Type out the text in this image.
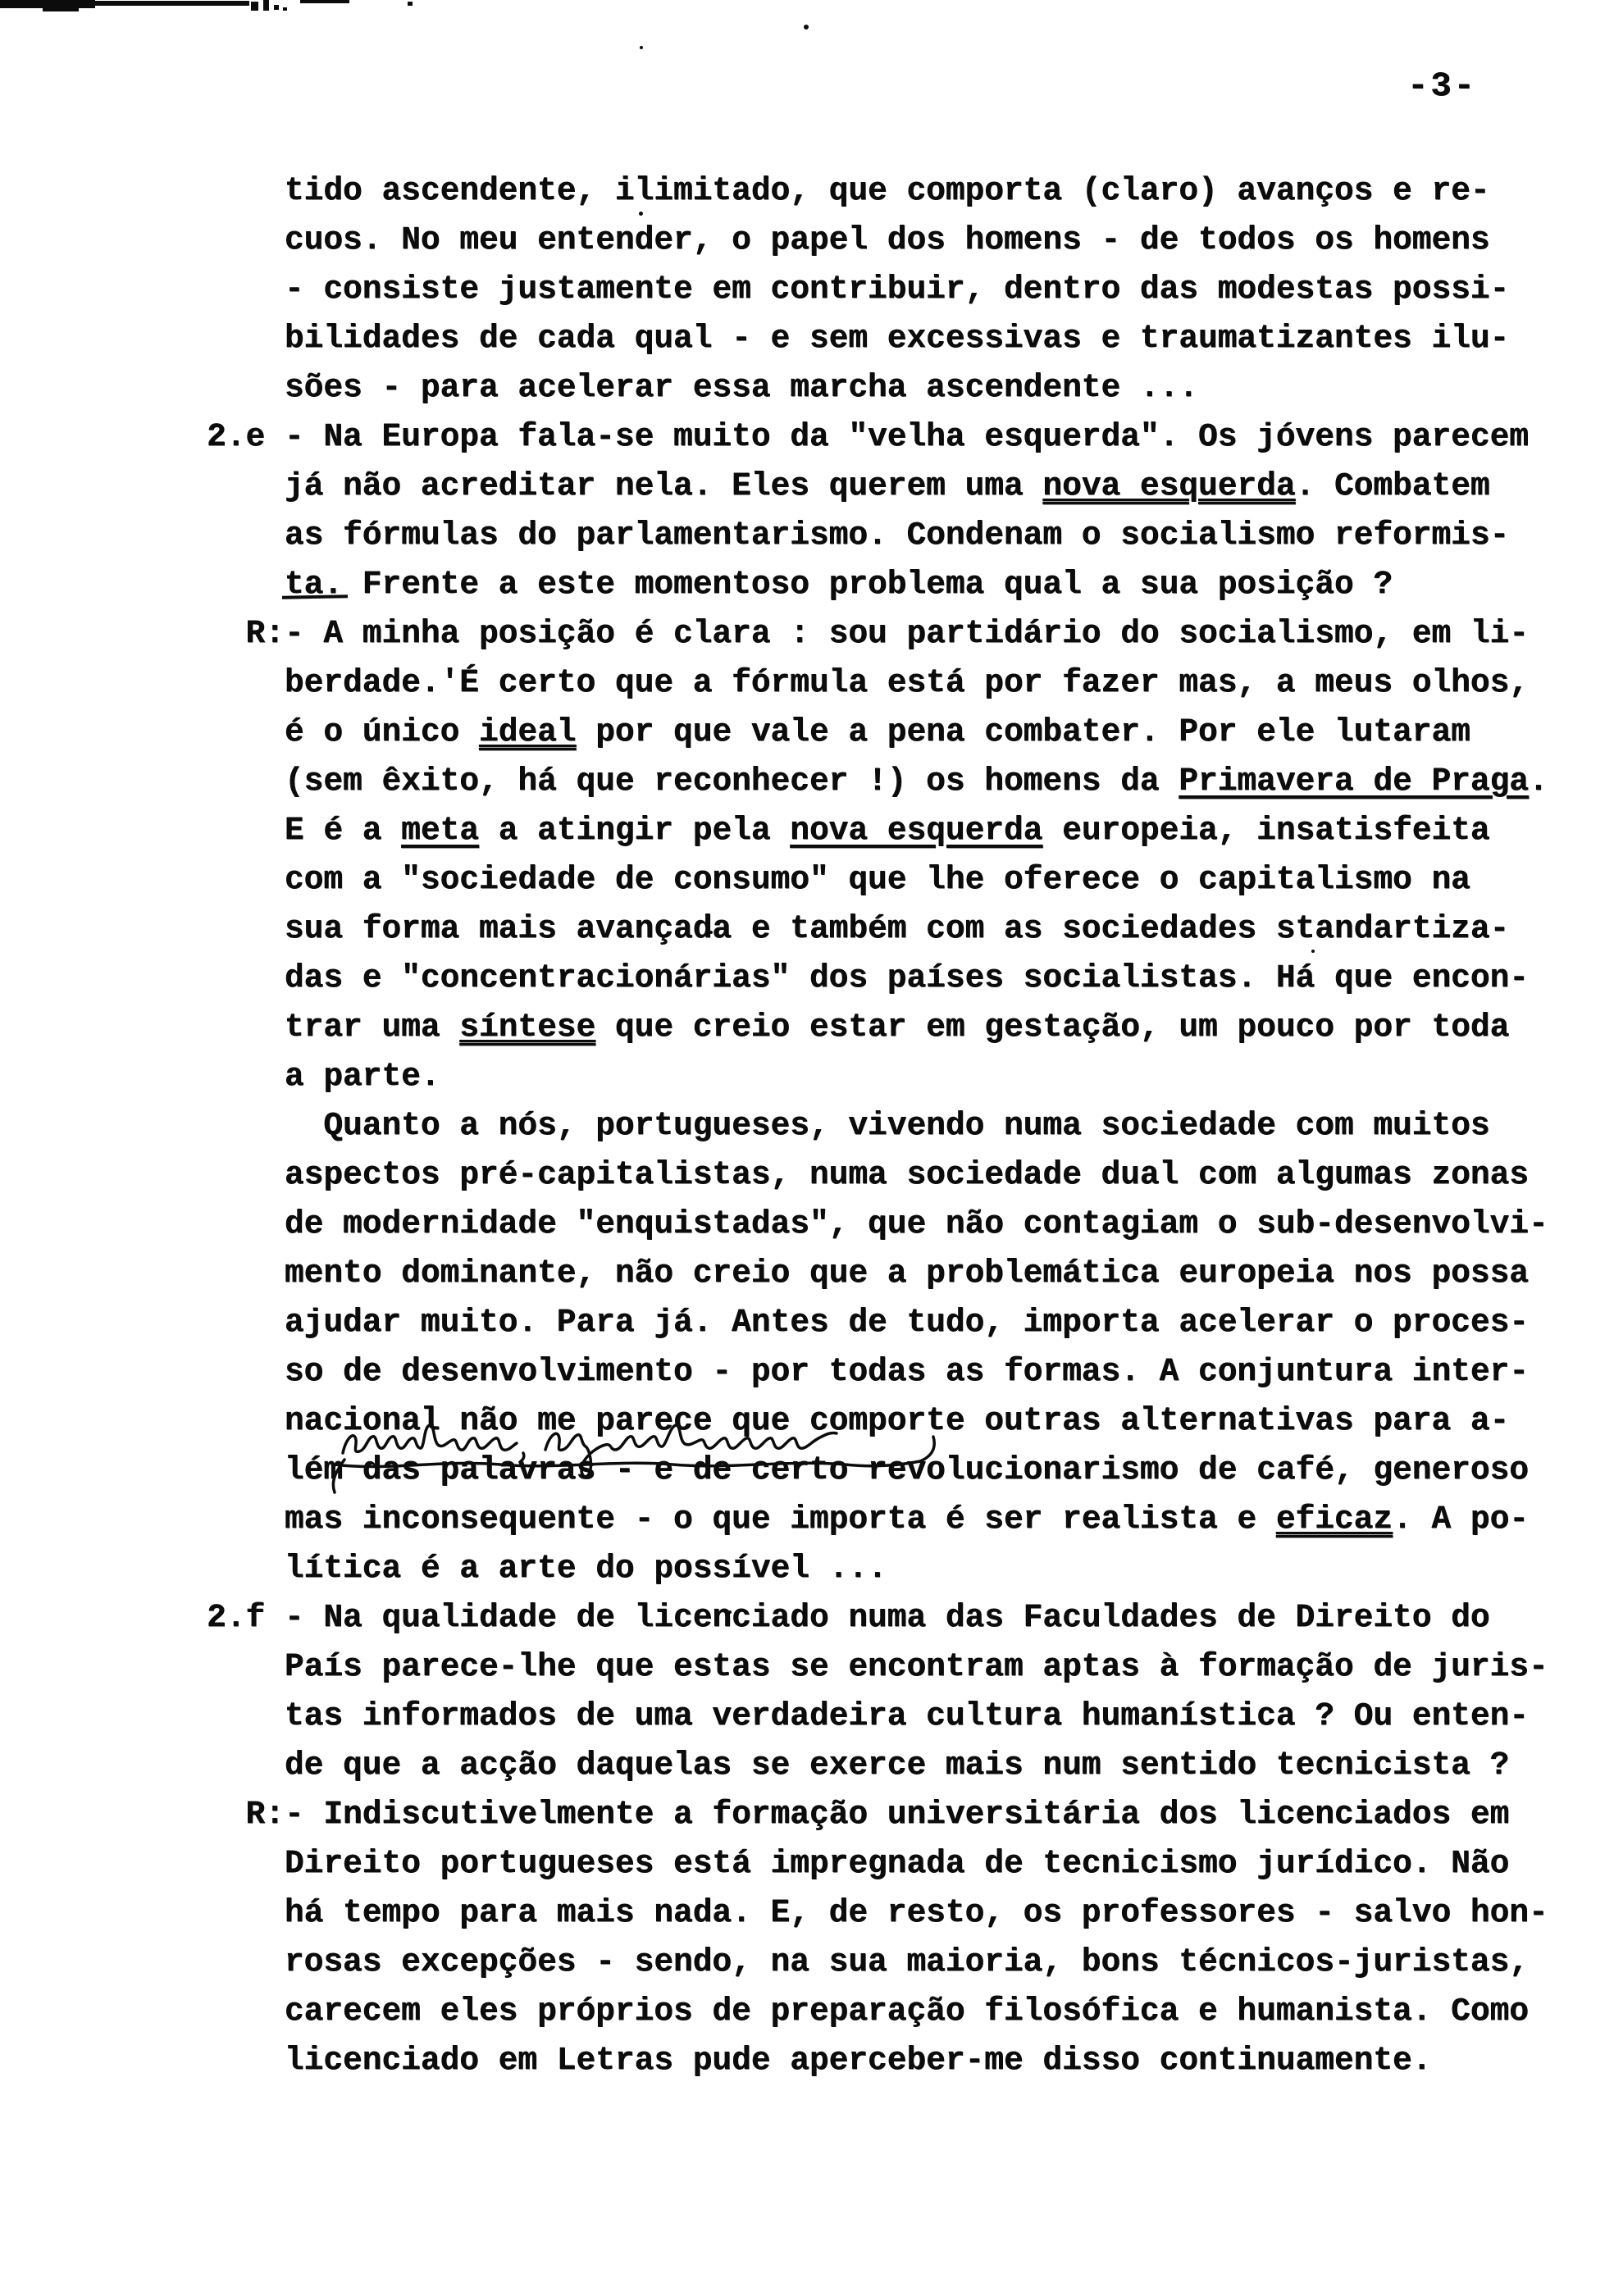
-3-
tido ascendente, ilimitado, que comporta (claro) avanços e re-
cuos. No meu entender, o papel dos homens - de todos os homens
- consiste justamente em contribuir, dentro das modestas possi-
bilidades de cada qual - e sem excessivas e traumatizantes ilu-
sões - para acelerar essa marcha ascendente ...
2.e - Na Europa fala-se muito da "velha esquerda". Os jóvens parecem
já não acreditar nela. Eles querem uma nova esquerda. Combatem
as fórmulas do parlamentarismo. Condenam o socialismo reformis-
ta. Frente a este momentoso problema qual a sua posição ?
R:- A minha posição é clara : sou partidário do socialismo, em li-
berdade.'É certo que a fórmula está por fazer mas, a meus olhos,
é o único ideal por que vale a pena combater. Por ele lutaram
(sem êxito, há que reconhecer !) os homens da Primavera de Praga.
E é a meta a atingir pela nova esquerda europeia, insatisfeita
com a "sociedade de consumo" que lhe oferece o capitalismo na
sua forma mais avançada e também com as sociedades standartiza-
das e "concentracionárias" dos países socialistas. Há que encon-
trar uma síntese que creio estar em gestação, um pouco por toda
a parte.
Quanto a nós, portugueses, vivendo numa sociedade com muitos
aspectos pré-capitalistas, numa sociedade dual com algumas zonas
de modernidade "enquistadas", que não contagiam o sub-desenvolvi-
mento dominante, não creio que a problemática europeia nos possa
ajudar muito. Para já. Antes de tudo, importa acelerar o proces-
so de desenvolvimento - por todas as formas. A conjuntura inter-
nacional não me parece que comporte outras alternativas para a-
lém das palavras - e de certo revolucionarismo de café, generoso
mas inconsequente - o que importa é ser realista e eficaz. A po-
lítica é a arte do possível ...
2.f - Na qualidade de licenciado numa das Faculdades de Direito do
País parece-lhe que estas se encontram aptas à formação de juris-
tas informados de uma verdadeira cultura humanística ? Ou enten-
de que a acção daquelas se exerce mais num sentido tecnicista ?
R:- Indiscutivelmente a formação universitária dos licenciados em
Direito portugueses está impregnada de tecnicismo jurídico. Não
há tempo para mais nada. E, de resto, os professores - salvo hon-
rosas excepções - sendo, na sua maioria, bons técnicos-juristas,
carecem eles próprios de preparação filosófica e humanista. Como
licenciado em Letras pude aperceber-me disso continuamente.
